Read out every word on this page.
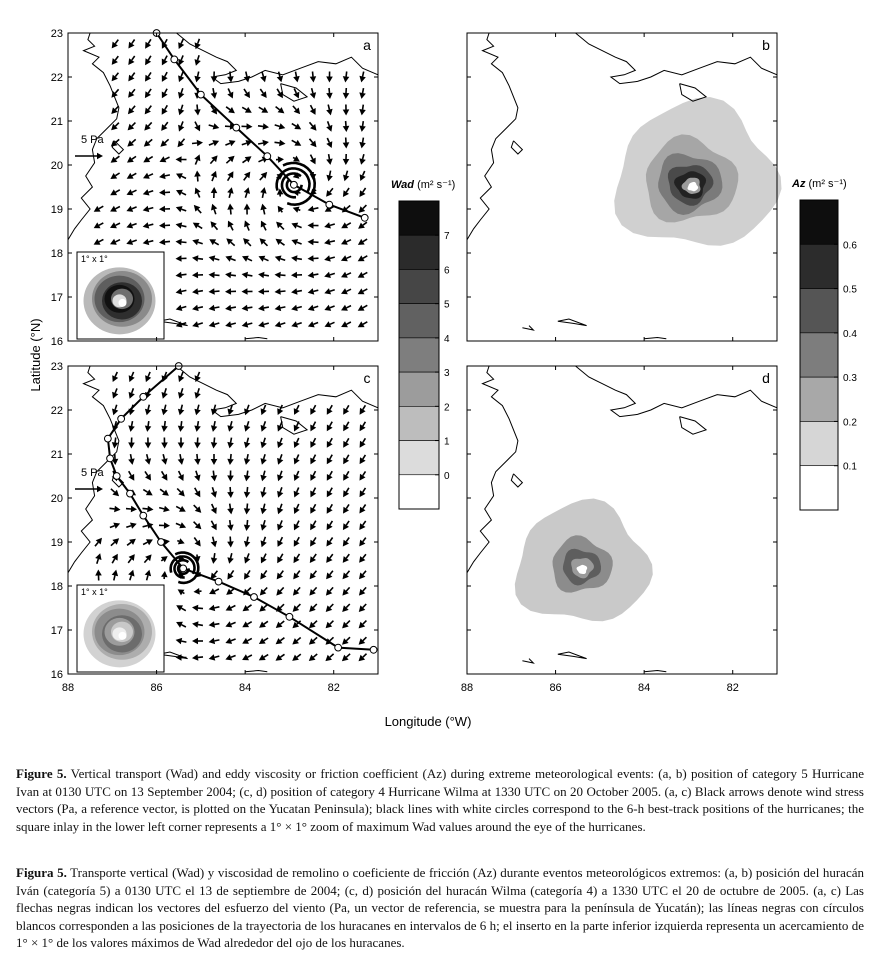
5 Pa
1° x 1°
a
23
22
21
20
19
18
17
16
b
5 Pa
1° x 1°
c
23
22
21
20
19
18
17
16
88	86	84	82
d
88	86	84	82
7
6
5
4
3
2
1
0
Wad (m² s⁻¹)
0.6
0.5
0.4
0.3
0.2
0.1
Az (m² s⁻¹)
Latitude (°N)
Longitude (°W)

Figure 5. Vertical transport (Wad) and eddy viscosity or friction coefficient (Az) during extreme meteorological events: (a, b) position of category 5 Hurricane Ivan at 0130 UTC on 13 September 2004; (c, d) position of category 4 Hurricane Wilma at 1330 UTC on 20 October 2005. (a, c) Black arrows denote wind stress vectors (Pa, a reference vector, is plotted on the Yucatan Peninsula); black lines with white circles correspond to the 6-h best-track positions of the hurricanes; the square inlay in the lower left corner represents a 1° × 1° zoom of maximum Wad values around the eye of the hurricanes.

Figura 5. Transporte vertical (Wad) y viscosidad de remolino o coeficiente de fricción (Az) durante eventos meteorológicos extremos: (a, b) posición del huracán Iván (categoría 5) a 0130 UTC el 13 de septiembre de 2004; (c, d) posición del huracán Wilma (categoría 4) a 1330 UTC el 20 de octubre de 2005. (a, c) Las flechas negras indican los vectores del esfuerzo del viento (Pa, un vector de referencia, se muestra para la península de Yucatán); las líneas negras con círculos blancos corresponden a las posiciones de la trayectoria de los huracanes en intervalos de 6 h; el inserto en la parte inferior izquierda representa un acercamiento de 1° × 1° de los valores máximos de Wad alrededor del ojo de los huracanes.
